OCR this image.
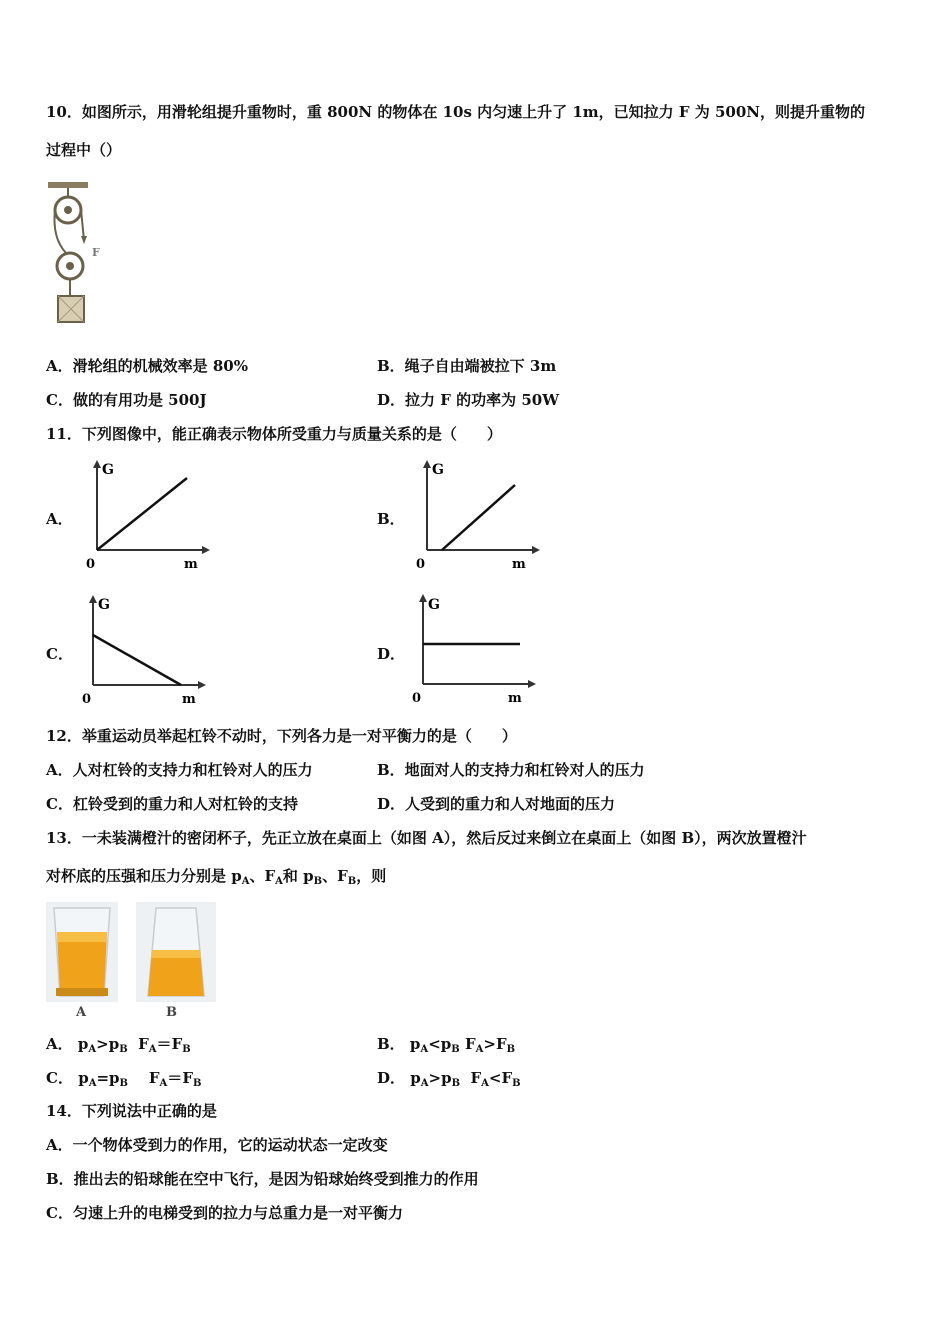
10．如图所示，用滑轮组提升重物时，重 800N 的物体在 10s 内匀速上升了 1m，已知拉力 F 为 500N，则提升重物的
过程中（）
F
A．滑轮组的机械效率是 80%	B．绳子自由端被拉下 3m
C．做的有用功是 500J	D．拉力 F 的功率为 50W
11．下列图像中，能正确表示物体所受重力与质量关系的是（　　）
A．
G
m
0
B．
G
m
0
C．
G
m
0
D．
G
m
0
12．举重运动员举起杠铃不动时，下列各力是一对平衡力的是（　　）
A．人对杠铃的支持力和杠铃对人的压力	B．地面对人的支持力和杠铃对人的压力
C．杠铃受到的重力和人对杠铃的支持	D．人受到的重力和人对地面的压力
13．一未装满橙汁的密闭杯子，先正立放在桌面上（如图 A），然后反过来倒立在桌面上（如图 B），两次放置橙汁
对杯底的压强和压力分别是 $p_A$、$F_A$和 $p_B$、$F_B$，则
A	B
A． $p_A>p_B$ $F_A=F_B$	B． $p_A<p_B$ $F_A>F_B$
C． $p_A=p_B$ $F_A=F_B$	D． $p_A>p_B$ $F_A<F_B$
14．下列说法中正确的是
A．一个物体受到力的作用，它的运动状态一定改变
B．推出去的铅球能在空中飞行，是因为铅球始终受到推力的作用
C．匀速上升的电梯受到的拉力与总重力是一对平衡力
